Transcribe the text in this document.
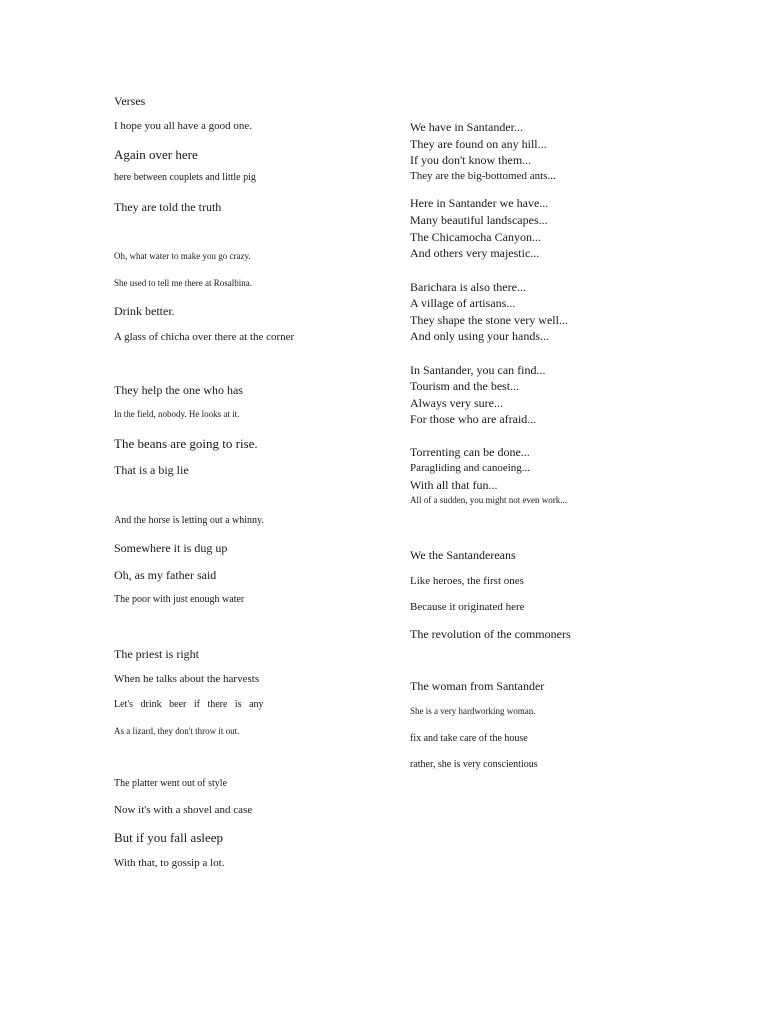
Verses
I hope you all have a good one.
Again over here
here between couplets and little pig
They are told the truth
Oh, what water to make you go crazy.
She used to tell me there at Rosalbina.
Drink better.
A glass of chicha over there at the corner
They help the one who has
In the field, nobody. He looks at it.
The beans are going to rise.
That is a big lie
And the horse is letting out a whinny.
Somewhere it is dug up
Oh, as my father said
The poor with just enough water
The priest is right
When he talks about the harvests
Let's drink beer if there is any
As a lizard, they don't throw it out.
The platter went out of style
Now it's with a shovel and case
But if you fall asleep
With that, to gossip a lot.
We have in Santander...
They are found on any hill...
If you don't know them...
They are the big-bottomed ants...
Here in Santander we have...
Many beautiful landscapes...
The Chicamocha Canyon...
And others very majestic...
Barichara is also there...
A village of artisans...
They shape the stone very well...
And only using your hands...
In Santander, you can find...
Tourism and the best...
Always very sure...
For those who are afraid...
Torrenting can be done...
Paragliding and canoeing...
With all that fun...
All of a sudden, you might not even work...
We the Santandereans
Like heroes, the first ones
Because it originated here
The revolution of the commoners
The woman from Santander
She is a very hardworking woman.
fix and take care of the house
rather, she is very conscientious
